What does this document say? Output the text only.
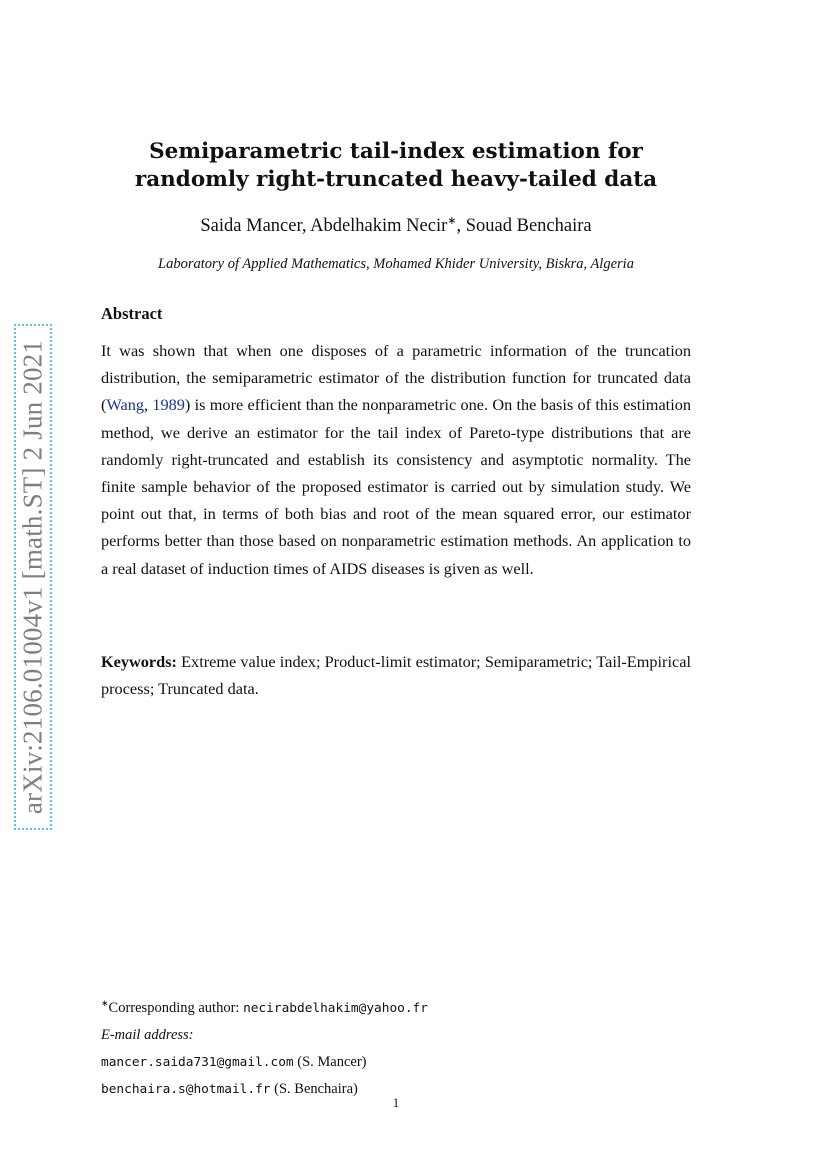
arXiv:2106.01004v1 [math.ST] 2 Jun 2021
Semiparametric tail-index estimation for
randomly right-truncated heavy-tailed data
Saida Mancer, Abdelhakim Necir∗, Souad Benchaira
Laboratory of Applied Mathematics, Mohamed Khider University, Biskra, Algeria
Abstract
It was shown that when one disposes of a parametric information of the truncation distribution, the semiparametric estimator of the distribution function for truncated data (Wang, 1989) is more efficient than the nonparametric one. On the basis of this estimation method, we derive an estimator for the tail index of Pareto-type distributions that are randomly right-truncated and establish its consistency and asymptotic normality. The finite sample behavior of the proposed estimator is carried out by simulation study. We point out that, in terms of both bias and root of the mean squared error, our estimator performs better than those based on nonparametric estimation methods. An application to a real dataset of induction times of AIDS diseases is given as well.
Keywords: Extreme value index; Product-limit estimator; Semiparametric; Tail-Empirical process; Truncated data.
∗Corresponding author: necirabdelhakim@yahoo.fr
E-mail address:
mancer.saida731@gmail.com (S. Mancer)
benchaira.s@hotmail.fr (S. Benchaira)
1
